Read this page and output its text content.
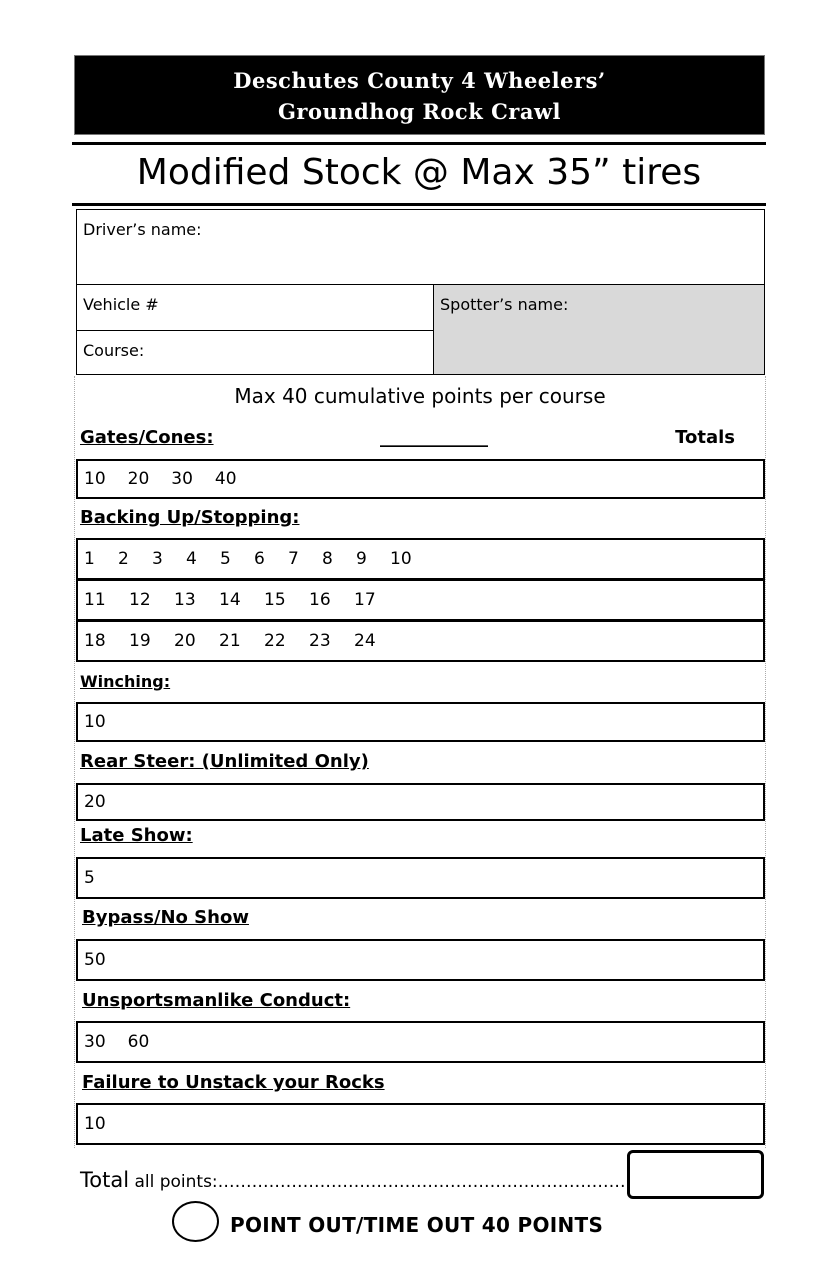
Deschutes County 4 Wheelers’
Groundhog Rock Crawl
Modified Stock @ Max 35” tires
Driver’s name:
Vehicle #
Course:
Spotter’s name:
Max 40 cumulative points per course
Gates/Cones:	____________	Totals
10 20 30 40
Backing Up/Stopping:
1	2	3	4	5	6	7	8	9	10
11	12	13	14	15	16	17
18	19	20	21	22	23	24
Winching:
10
Rear Steer: (Unlimited Only)
20
Late Show:
5
Bypass/No Show
50
Unsportsmanlike Conduct:
30 60
Failure to Unstack your Rocks
10
Total all points:……………………………………………………………….
POINT OUT/TIME OUT 40 POINTS
